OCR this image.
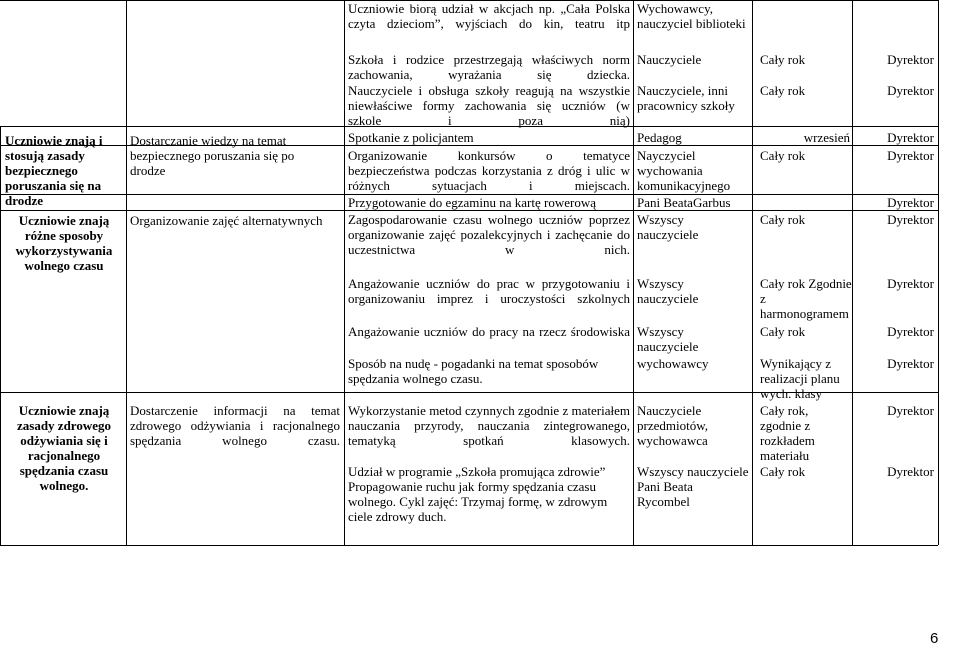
Uczniowie znają i stosują zasady bezpiecznego poruszania się na drodze
Uczniowie znają różne sposoby wykorzystywania wolnego czasu
Uczniowie znają zasady zdrowego odżywiania się i racjonalnego spędzania czasu wolnego.
Dostarczanie wiedzy na temat bezpiecznego poruszania się po drodze
Organizowanie zajęć alternatywnych
Dostarczenie informacji na temat zdrowego odżywiania i racjonalnego spędzania wolnego czasu.
Uczniowie biorą udział w akcjach np. „Cała Polska czyta dzieciom”, wyjściach do kin, teatru itp
Szkoła i rodzice przestrzegają właściwych norm zachowania, wyrażania się dziecka.
Nauczyciele i obsługa szkoły reagują na wszystkie niewłaściwe formy zachowania się uczniów (w szkole i poza nią)
Spotkanie z policjantem
Organizowanie konkursów o tematyce bezpieczeństwa podczas korzystania z dróg i ulic w różnych sytuacjach i miejscach.
Przygotowanie do egzaminu na kartę rowerową
Zagospodarowanie czasu wolnego uczniów poprzez organizowanie zajęć pozalekcyjnych i zachęcanie do uczestnictwa w nich.
Angażowanie uczniów do prac w przygotowaniu i organizowaniu imprez i uroczystości szkolnych
Angażowanie uczniów do pracy na rzecz środowiska
Sposób na nudę - pogadanki na temat sposobów spędzania wolnego czasu.
Wykorzystanie metod czynnych zgodnie z materiałem nauczania przyrody, nauczania zintegrowanego, tematyką spotkań klasowych.
Udział w programie „Szkoła promująca zdrowie” Propagowanie ruchu jak formy spędzania czasu wolnego. Cykl zajęć: Trzymaj formę, w zdrowym ciele zdrowy duch.
Wychowawcy, nauczyciel biblioteki
Nauczyciele
Nauczyciele, inni pracownicy szkoły
Pedagog
Nayczyciel wychowania komunikacyjnego
Pani BeataGarbus
Wszyscy nauczyciele
Wszyscy nauczyciele
Wszyscy nauczyciele
wychowawcy
Nauczyciele przedmiotów, wychowawca
Wszyscy nauczyciele Pani Beata Rycombel
Cały rok
Cały rok
wrzesień
Cały rok
Cały rok
Cały rok Zgodnie z harmonogramem
Cały rok
Wynikający z realizacji planu wych. klasy
Cały rok, zgodnie z rozkładem materiału
Cały rok
Dyrektor
Dyrektor
Dyrektor
Dyrektor
Dyrektor
Dyrektor
Dyrektor
Dyrektor
Dyrektor
Dyrektor
Dyrektor
6
